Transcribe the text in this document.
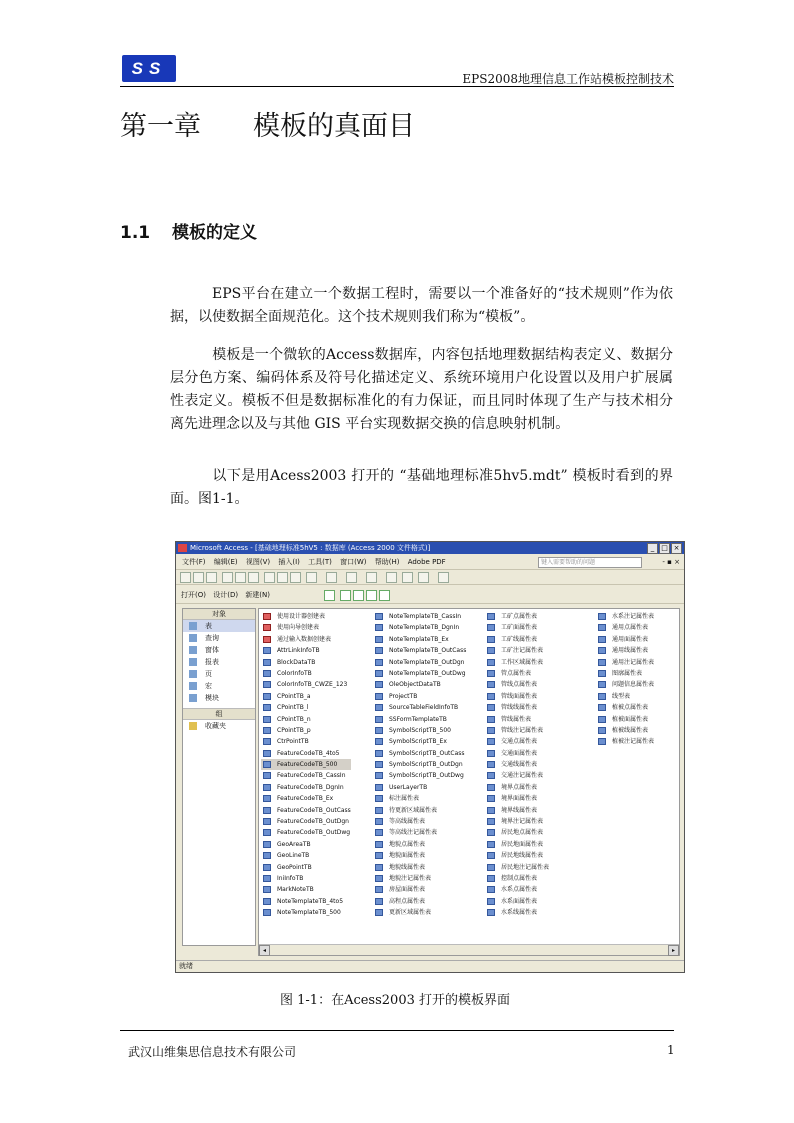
SS
EPS2008地理信息工作站模板控制技术
第一章 模板的真面目
1.1 模板的定义
EPS平台在建立一个数据工程时，需要以一个准备好的“技术规则”作为依据，以使数据全面规范化。这个技术规则我们称为“模板”。
模板是一个微软的Access数据库，内容包括地理数据结构表定义、数据分层分色方案、编码体系及符号化描述定义、系统环境用户化设置以及用户扩展属性表定义。模板不但是数据标准化的有力保证，而且同时体现了生产与技术相分离先进理念以及与其他 GIS 平台实现数据交换的信息映射机制。
以下是用Acess2003 打开的 “基础地理标准5hv5.mdt” 模板时看到的界面。图1-1。
Microsoft Access - [基础地理标准5hV5 : 数据库 (Access 2000 文件格式)]	_ □ ×
文件(F) 编辑(E) 视图(V) 插入(I) 工具(T) 窗口(W) 帮助(H) Adobe PDF	键入需要帮助的问题	- ▪ ×
打开(O) 设计(D) 新建(N)
对象
表
查询
窗体
报表
页
宏
模块
组
收藏夹
使用设计器创建表
使用向导创建表
通过输入数据创建表
AttrLinkInfoTB
BlockDataTB
ColorInfoTB
ColorInfoTB_CWZE_123
CPointTB_a
CPointTB_l
CPointTB_n
CPointTB_p
CtrPointTB
FeatureCodeTB_4to5
FeatureCodeTB_500
FeatureCodeTB_CassIn
FeatureCodeTB_DgnIn
FeatureCodeTB_Ex
FeatureCodeTB_OutCass
FeatureCodeTB_OutDgn
FeatureCodeTB_OutDwg
GeoAreaTB
GeoLineTB
GeoPointTB
IniInfoTB
MarkNoteTB
NoteTemplateTB_4to5
NoteTemplateTB_500
NoteTemplateTB_CassIn
NoteTemplateTB_DgnIn
NoteTemplateTB_Ex
NoteTemplateTB_OutCass
NoteTemplateTB_OutDgn
NoteTemplateTB_OutDwg
OleObjectDataTB
ProjectTB
SourceTableFieldInfoTB
SSFormTemplateTB
SymbolScriptTB_500
SymbolScriptTB_Ex
SymbolScriptTB_OutCass
SymbolScriptTB_OutDgn
SymbolScriptTB_OutDwg
UserLayerTB
标注属性表
待更新区域属性表
等高线属性表
等高线注记属性表
地貌点属性表
地貌面属性表
地貌线属性表
地貌注记属性表
房屋面属性表
高程点属性表
更新区域属性表
工矿点属性表
工矿面属性表
工矿线属性表
工矿注记属性表
工作区域属性表
管点属性表
管线点属性表
管线面属性表
管线线属性表
管线属性表
管线注记属性表
交通点属性表
交通面属性表
交通线属性表
交通注记属性表
境界点属性表
境界面属性表
境界线属性表
境界注记属性表
居民地点属性表
居民地面属性表
居民地线属性表
居民地注记属性表
控制点属性表
水系点属性表
水系面属性表
水系线属性表
水系注记属性表
通用点属性表
通用面属性表
通用线属性表
通用注记属性表
图廓属性表
问题信息属性表
线型表
植被点属性表
植被面属性表
植被线属性表
植被注记属性表
◂	▸
就绪
图 1-1：在Acess2003 打开的模板界面
武汉山维集思信息技术有限公司	1
